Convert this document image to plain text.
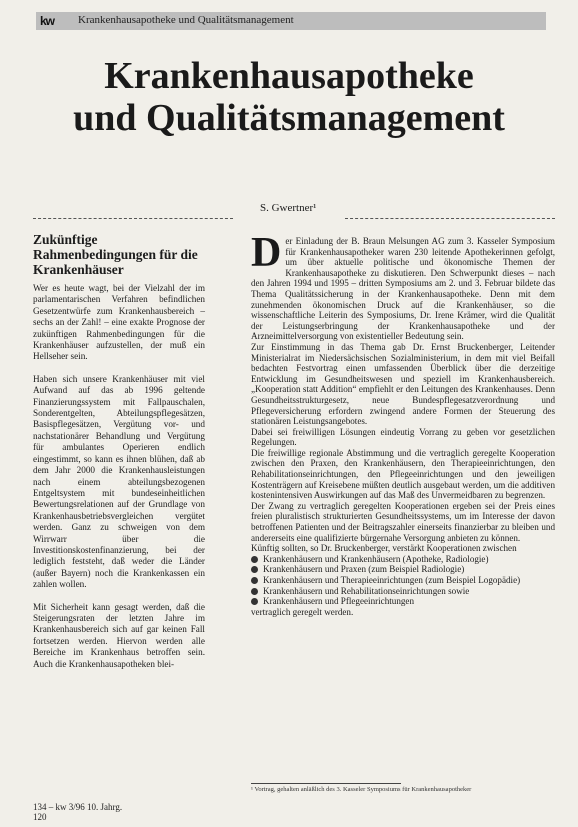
kw Krankenhausapotheke und Qualitätsmanagement
Krankenhausapotheke
und Qualitätsmanagement
S. Gwertner¹
Zukünftige Rahmenbedingungen für die Krankenhäuser

Wer es heute wagt, bei der Vielzahl der im parlamentarischen Verfahren befindlichen Gesetzentwürfe zum Krankenhausbereich – sechs an der Zahl! – eine exakte Prognose der zukünftigen Rahmenbedingungen für die Krankenhäuser aufzustellen, der muß ein Hellseher sein.

Haben sich unsere Krankenhäuser mit viel Aufwand auf das ab 1996 geltende Finanzierungssystem mit Fallpauschalen, Sonderentgelten, Abteilungspflegesätzen, Basispflegesätzen, Vergütung vor- und nachstationärer Behandlung und Vergütung für ambulantes Operieren endlich eingestimmt, so kann es ihnen blühen, daß ab dem Jahr 2000 die Krankenhausleistungen nach einem abteilungsbezogenen Entgeltsystem mit bundeseinheitlichen Bewertungsrelationen auf der Grundlage von Krankenhausbetriebsvergleichen vergütet werden. Ganz zu schweigen von dem Wirrwarr über die Investitionskostenfinanzierung, bei der lediglich feststeht, daß weder die Länder (außer Bayern) noch die Krankenkassen ein zahlen wollen.

Mit Sicherheit kann gesagt werden, daß die Steigerungsraten der letzten Jahre im Krankenhausbereich sich auf gar keinen Fall fortsetzen werden. Hiervon werden alle Bereiche im Krankenhaus betroffen sein. Auch die Krankenhausapotheken blei-

D er Einladung der B. Braun Melsungen AG zum 3. Kasseler Symposium für Krankenhausapotheker waren 230 leitende Apothekerinnen gefolgt, um über aktuelle politische und ökonomische Themen der Krankenhausapotheke zu diskutieren. Den Schwerpunkt dieses – nach den Jahren 1994 und 1995 – dritten Symposiums am 2. und 3. Februar bildete das Thema Qualitätssicherung in der Krankenhausapotheke. Denn mit dem zunehmenden ökonomischen Druck auf die Krankenhäuser, so die wissenschaftliche Leiterin des Symposiums, Dr. Irene Krämer, wird die Qualität der Leistungserbringung der Krankenhausapotheke und der Arzneimittelversorgung von existentieller Bedeutung sein.

Zur Einstimmung in das Thema gab Dr. Ernst Bruckenberger, Leitender Ministerialrat im Niedersächsischen Sozialministerium, in dem mit viel Beifall bedachten Festvortrag einen umfassenden Überblick über die derzeitige Entwicklung im Gesundheitswesen und speziell im Krankenhausbereich. „Kooperation statt Addition“ empfiehlt er den Leitungen des Krankenhauses. Denn Gesundheitsstrukturgesetz, neue Bundespflegesatzverordnung und Pflegeversicherung erfordern zwingend andere Formen der Steuerung des stationären Leistungsangebotes.

Dabei sei freiwilligen Lösungen eindeutig Vorrang zu geben vor gesetzlichen Regelungen.

Die freiwillige regionale Abstimmung und die vertraglich geregelte Kooperation zwischen den Praxen, den Krankenhäusern, den Therapieeinrichtungen, den Rehabilitationseinrichtungen, den Pflegeeinrichtungen und den jeweiligen Kostenträgern auf Kreisebene müßten deutlich ausgebaut werden, um die additiven kostenintensiven Auswirkungen auf das Maß des Unvermeidbaren zu begrenzen.

Der Zwang zu vertraglich geregelten Kooperationen ergeben sei der Preis eines freien pluralistisch strukturierten Gesundheitssystems, um im Interesse der davon betroffenen Patienten und der Beitragszahler einerseits finanzierbar zu bleiben und andererseits eine qualifizierte bürgernahe Versorgung anbieten zu können.

Künftig sollten, so Dr. Bruckenberger, verstärkt Kooperationen zwischen

Krankenhäusern und Krankenhäusern (Apotheke, Radiologie)
Krankenhäusern und Praxen (zum Beispiel Radiologie)
Krankenhäusern und Therapieeinrichtungen (zum Beispiel Logopädie)
Krankenhäusern und Rehabilitationseinrichtungen sowie
Krankenhäusern und Pflegeeinrichtungen

vertraglich geregelt werden.

¹ Vortrag, gehalten anläßlich des 3. Kasseler Symposiums für Krankenhausapotheker
134 – kw 3/96 10. Jahrg.
120
